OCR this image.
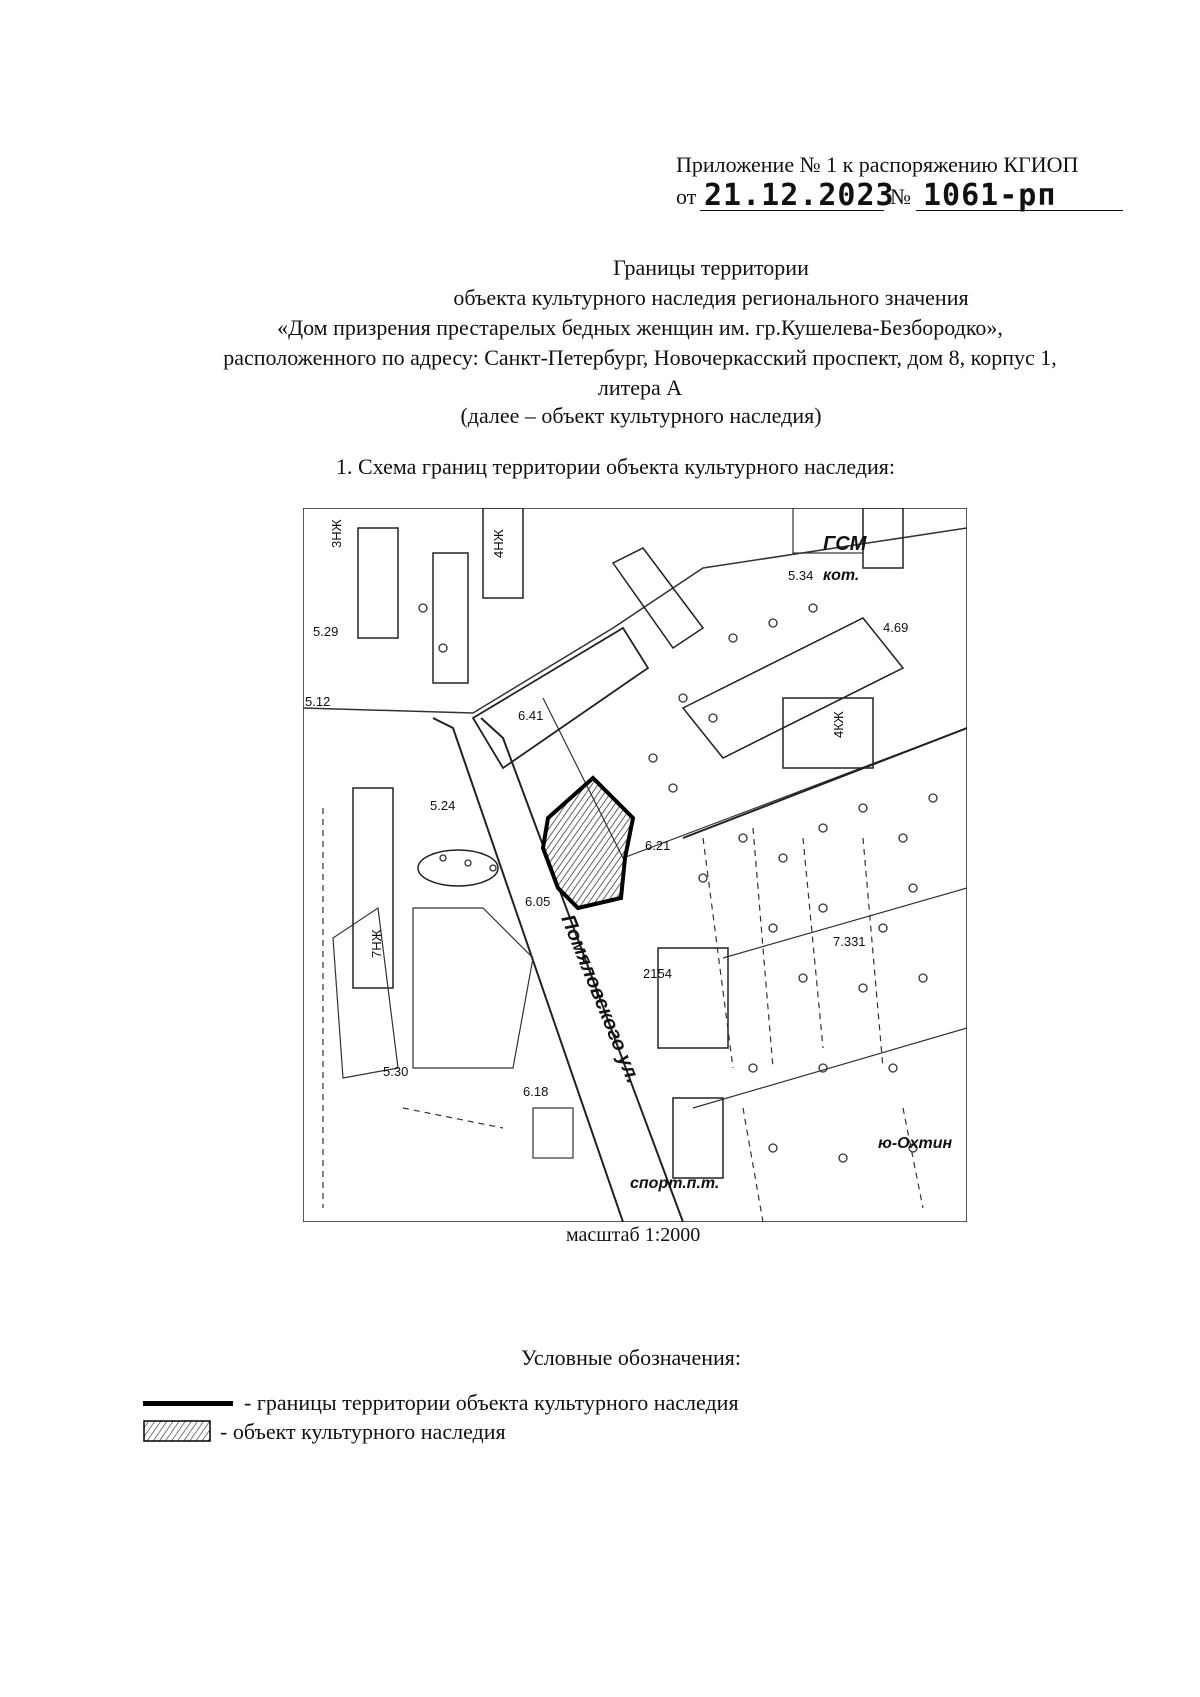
Приложение № 1 к распоряжению КГИОП
от 21.12.2023
№ 1061-рп
Границы территории
объекта культурного наследия регионального значения
«Дом призрения престарелых бедных женщин им. гр.Кушелева-Безбородко»,
расположенного по адресу: Санкт-Петербург, Новочеркасский проспект, дом 8, корпус 1,
литера А
(далее – объект культурного наследия)
1. Схема границ территории объекта культурного наследия:
ГСМ
кот.
5.34
4.69
5.29
5.12
6.41
5.24
6.21
6.05
5.30
6.18
2154
7.331
Помяловского ул.
спорт.п.т.
ю-Охтин
3НЖ	4НЖ
7НЖ
4КЖ
масштаб 1:2000
Условные обозначения:
- границы территории объекта культурного наследия
- объект культурного наследия
